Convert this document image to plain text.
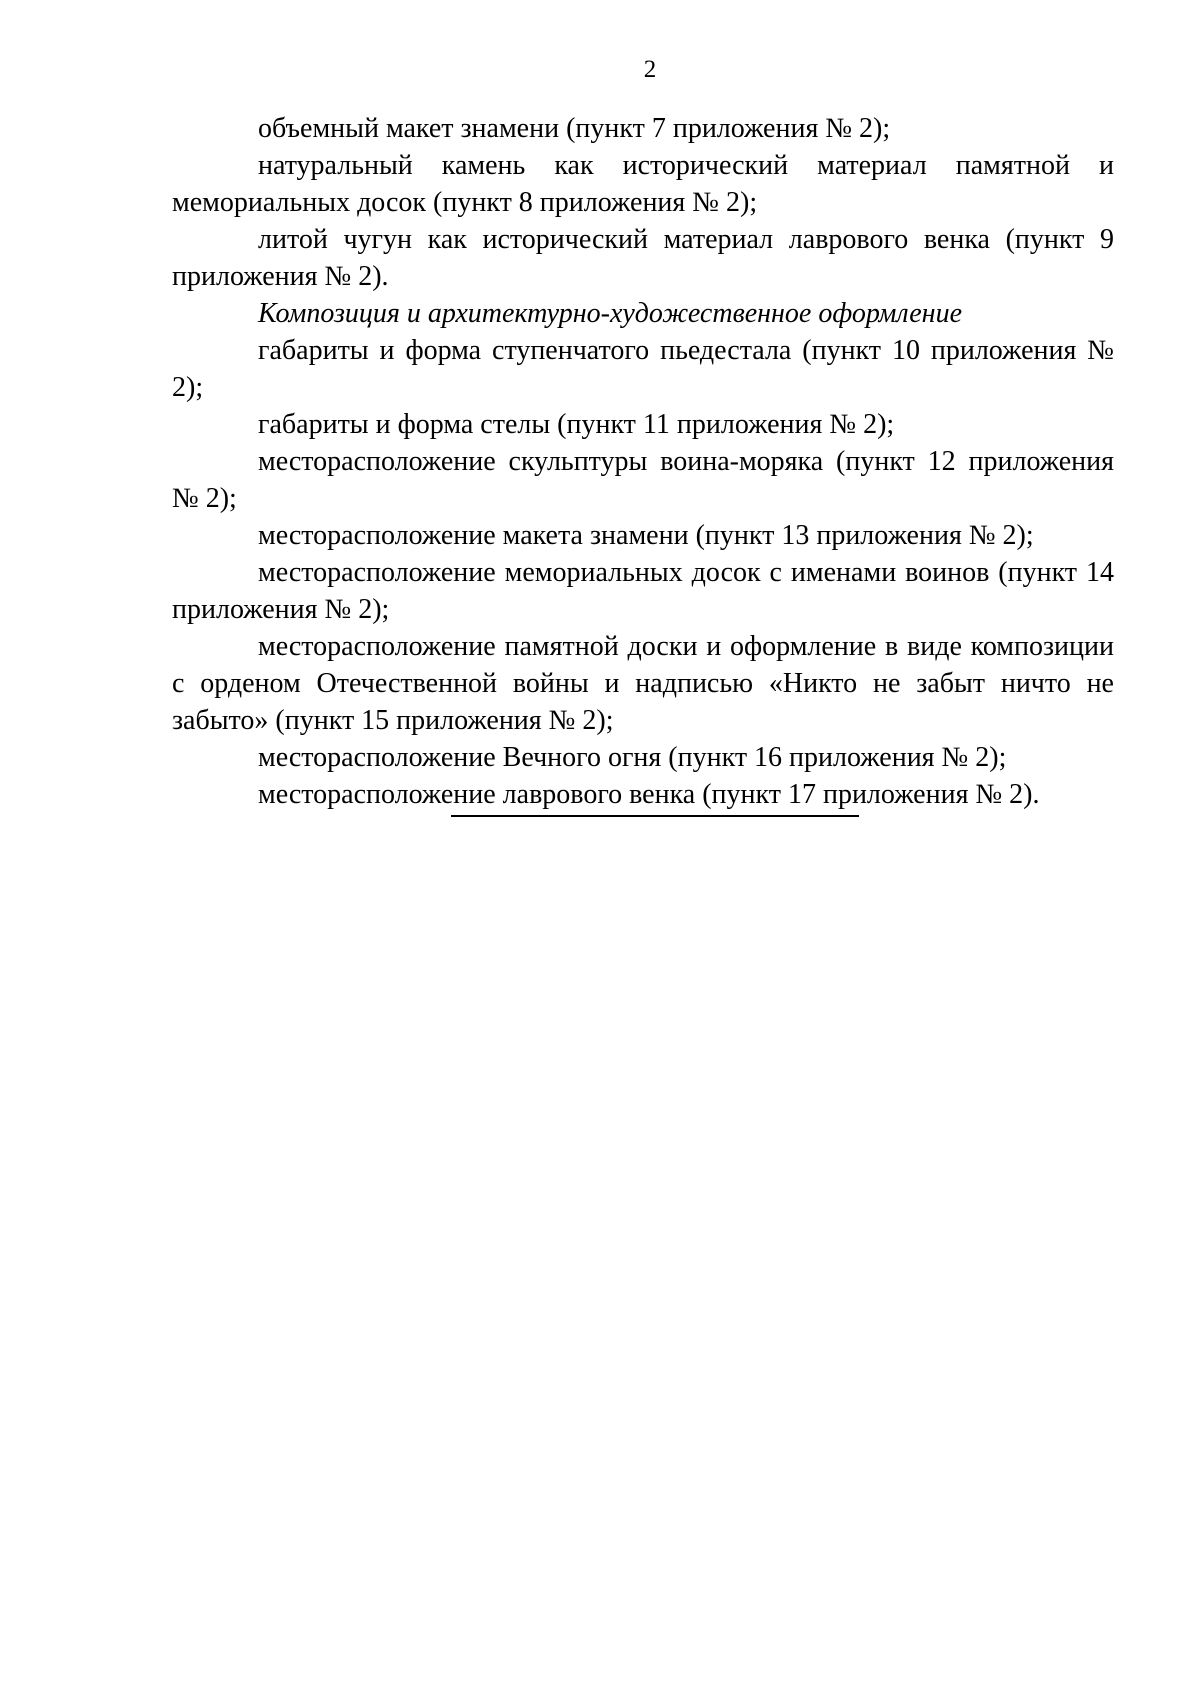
2

объемный макет знамени (пункт 7 приложения № 2);

натуральный камень как исторический материал памятной и мемориальных досок (пункт 8 приложения № 2);

литой чугун как исторический материал лаврового венка (пункт 9 приложения № 2).

Композиция и архитектурно-художественное оформление

габариты и форма ступенчатого пьедестала (пункт 10 приложения № 2);

габариты и форма стелы (пункт 11 приложения № 2);

месторасположение скульптуры воина-моряка (пункт 12 приложения № 2);

месторасположение макета знамени (пункт 13 приложения № 2);

месторасположение мемориальных досок с именами воинов (пункт 14 приложения № 2);

месторасположение памятной доски и оформление в виде композиции с орденом Отечественной войны и надписью «Никто не забыт ничто не забыто» (пункт 15 приложения № 2);

месторасположение Вечного огня (пункт 16 приложения № 2);

месторасположение лаврового венка (пункт 17 приложения № 2).
